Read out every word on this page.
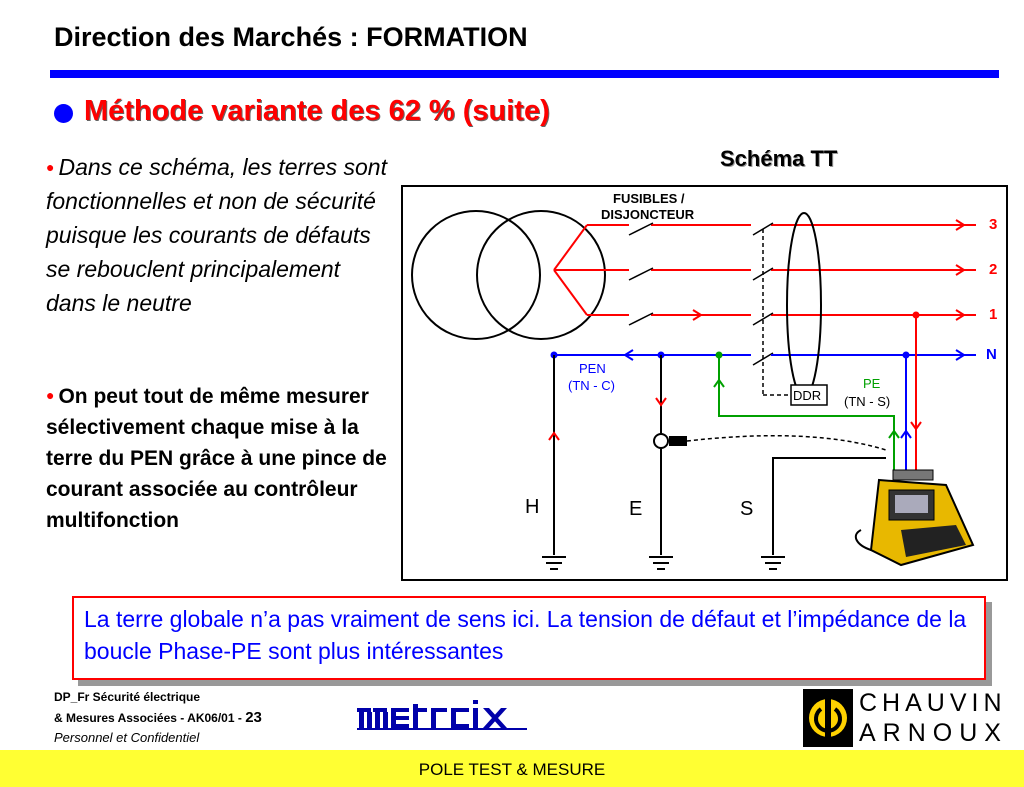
Direction des Marchés : FORMATION
Méthode variante des 62 % (suite)
● Dans ce schéma, les terres sont fonctionnelles et non de sécurité puisque les courants de défauts se rebouclent principalement dans le neutre
● On peut tout de même mesurer sélectivement chaque mise à la terre du PEN grâce à une pince de courant associée au contrôleur multifonction
Schéma TT
FUSIBLES /
DISJONCTEUR
3
2
1
N
PEN
(TN - C)
DDR
PE
(TN - S)
H	E	S
La terre globale n’a pas vraiment de sens ici. La tension de défaut et l’impédance de la boucle Phase-PE sont plus intéressantes
DP_Fr Sécurité électrique
& Mesures Associées - AK06/01 - 23
Personnel et Confidentiel
CHAUVIN
ARNOUX
POLE TEST & MESURE
